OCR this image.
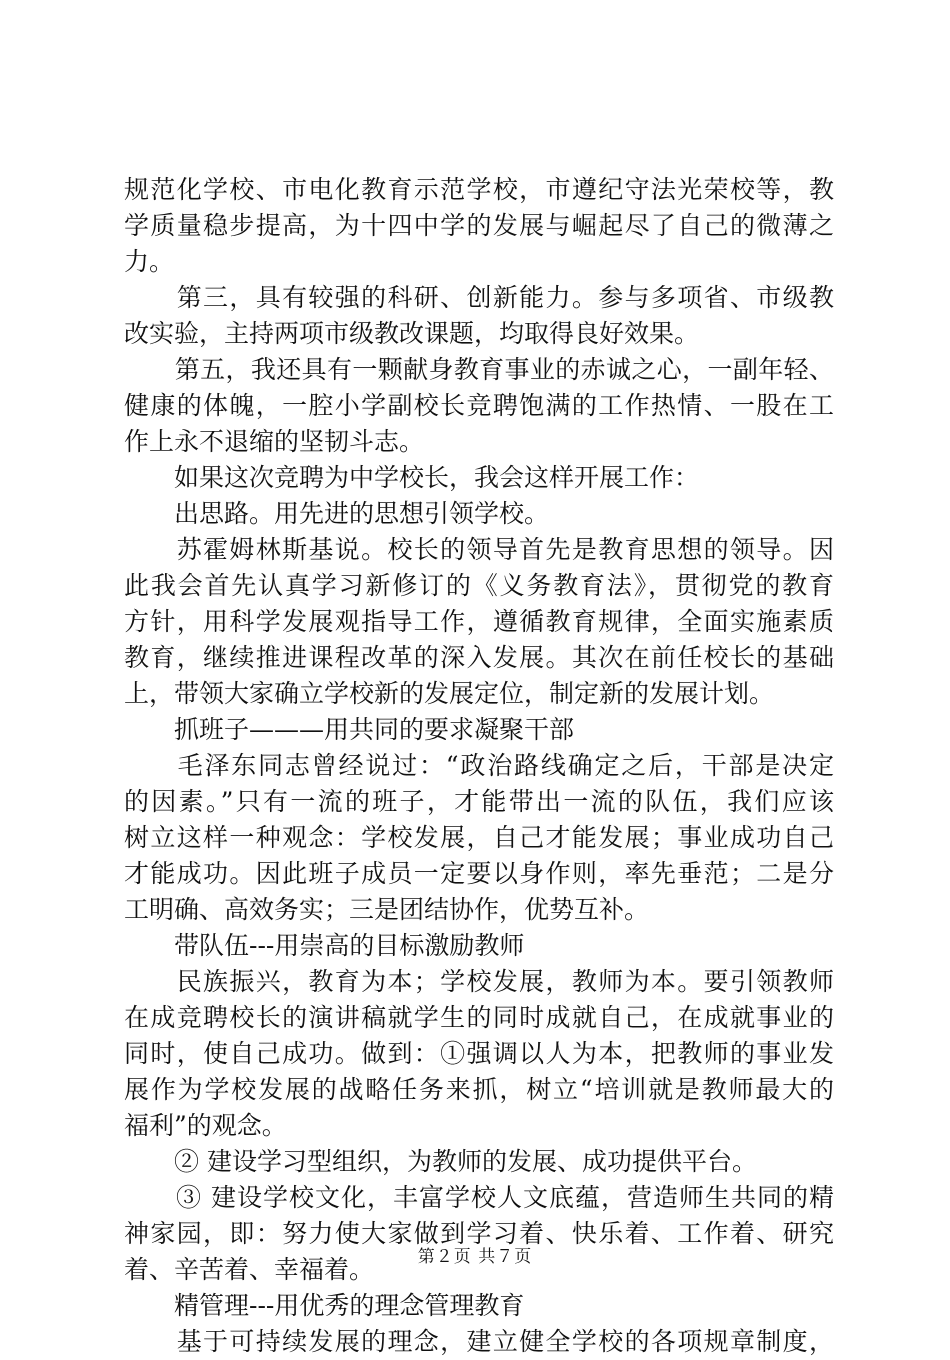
规范化学校、市电化教育示范学校，市遵纪守法光荣校等，教
学质量稳步提高，为十四中学的发展与崛起尽了自己的微薄之
力。
　　第三，具有较强的科研、创新能力。参与多项省、市级教
改实验，主持两项市级教改课题，均取得良好效果。
　　第五，我还具有一颗献身教育事业的赤诚之心，一副年轻、
健康的体魄，一腔小学副校长竞聘饱满的工作热情、一股在工
作上永不退缩的坚韧斗志。
　　如果这次竞聘为中学校长，我会这样开展工作：
　　出思路。用先进的思想引领学校。
　　苏霍姆林斯基说。校长的领导首先是教育思想的领导。因
此我会首先认真学习新修订的《义务教育法》，贯彻党的教育
方针，用科学发展观指导工作，遵循教育规律，全面实施素质
教育，继续推进课程改革的深入发展。其次在前任校长的基础
上，带领大家确立学校新的发展定位，制定新的发展计划。
　　抓班子———用共同的要求凝聚干部
　　毛泽东同志曾经说过：“政治路线确定之后，干部是决定
的因素。”只有一流的班子，才能带出一流的队伍，我们应该
树立这样一种观念：学校发展，自己才能发展；事业成功自己
才能成功。因此班子成员一定要以身作则，率先垂范；二是分
工明确、高效务实；三是团结协作，优势互补。
　　带队伍---用崇高的目标激励教师
　　民族振兴，教育为本；学校发展，教师为本。要引领教师
在成竞聘校长的演讲稿就学生的同时成就自己，在成就事业的
同时，使自己成功。做到：①强调以人为本，把教师的事业发
展作为学校发展的战略任务来抓，树立“培训就是教师最大的
福利”的观念。
　　② 建设学习型组织，为教师的发展、成功提供平台。
　　③ 建设学校文化，丰富学校人文底蕴，营造师生共同的精
神家园，即：努力使大家做到学习着、快乐着、工作着、研究
着、辛苦着、幸福着。
　　精管理---用优秀的理念管理教育
　　基于可持续发展的理念，建立健全学校的各项规章制度，
第２页 共７页
